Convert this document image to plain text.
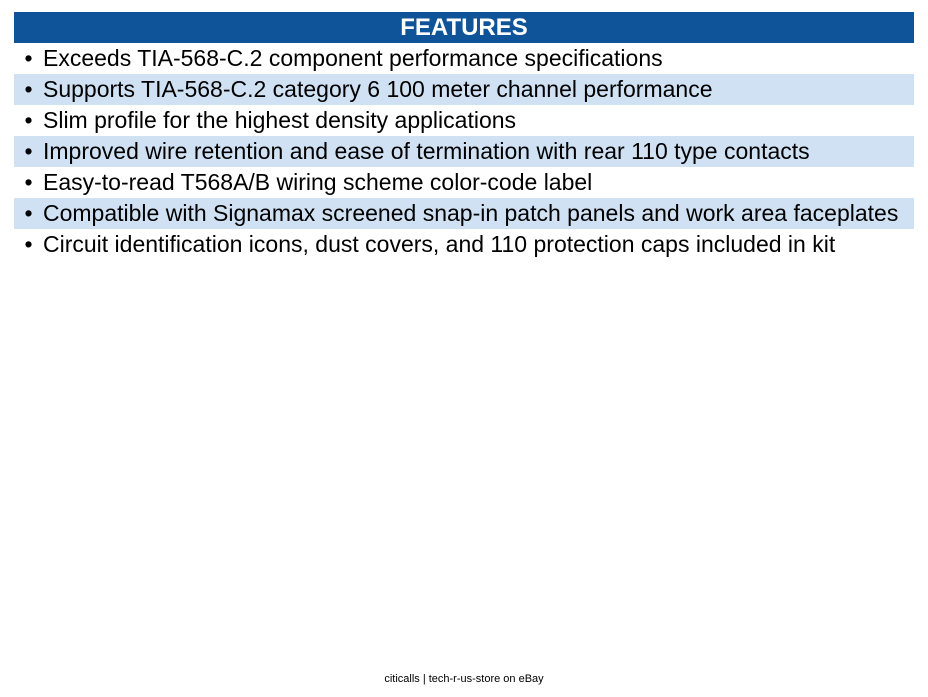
FEATURES
• Exceeds TIA-568-C.2 component performance specifications
• Supports TIA-568-C.2 category 6 100 meter channel performance
• Slim profile for the highest density applications
• Improved wire retention and ease of termination with rear 110 type contacts
• Easy-to-read T568A/B wiring scheme color-code label
• Compatible with Signamax screened snap-in patch panels and work area faceplates
• Circuit identification icons, dust covers, and 110 protection caps included in kit
citicalls | tech-r-us-store on eBay
